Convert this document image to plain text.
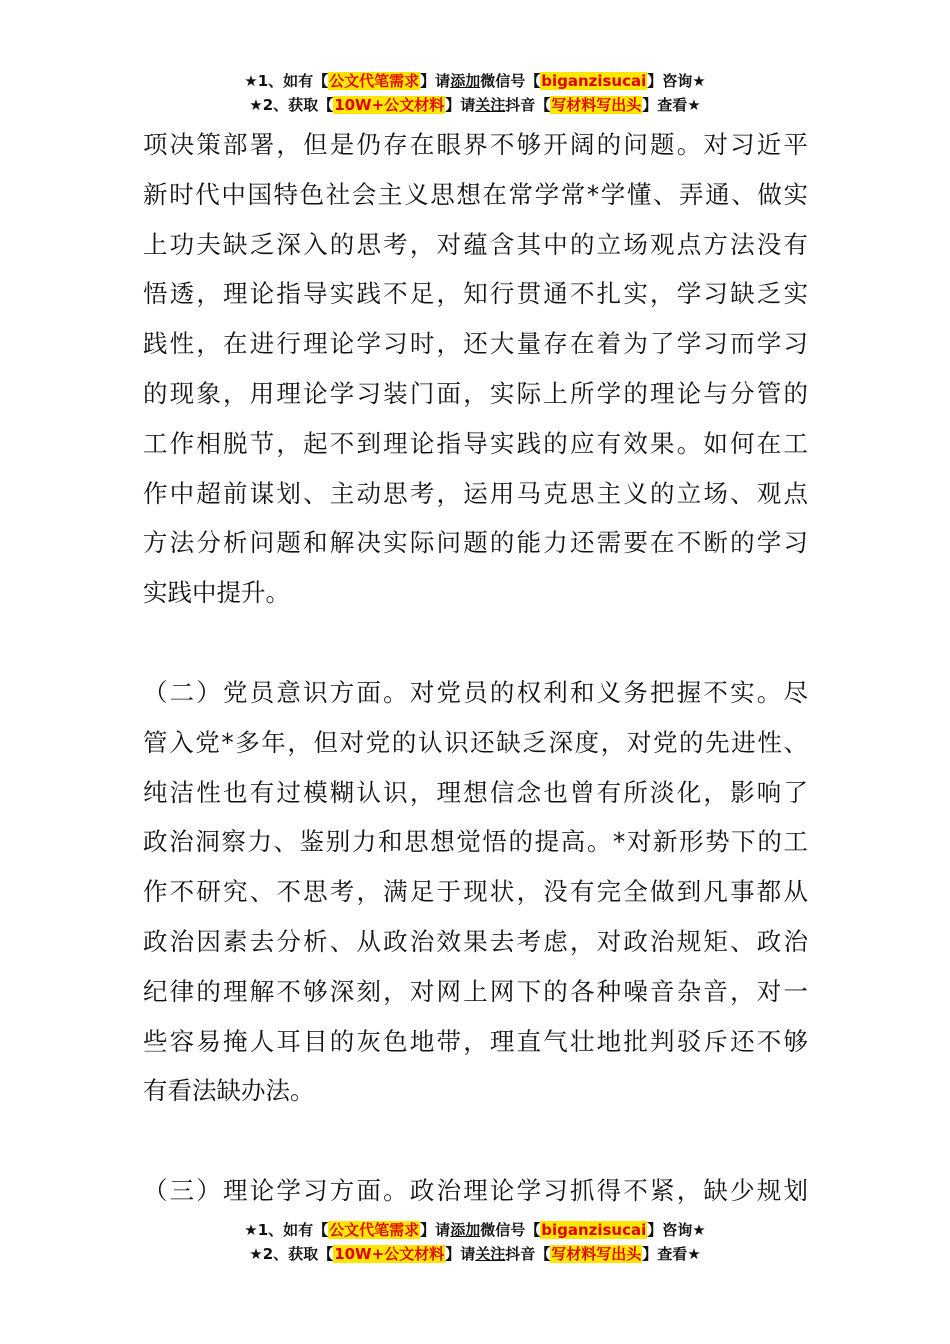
★1、如有【公文代笔需求】请添加微信号【biganzisucai】咨询★
★2、获取【10W+公文材料】请关注抖音【写材料写出头】查看★
项决策部署，但是仍存在眼界不够开阔的问题。对习近平
新时代中国特色社会主义思想在常学常*学懂、弄通、做实
上功夫缺乏深入的思考，对蕴含其中的立场观点方法没有
悟透，理论指导实践不足，知行贯通不扎实，学习缺乏实
践性，在进行理论学习时，还大量存在着为了学习而学习
的现象，用理论学习装门面，实际上所学的理论与分管的
工作相脱节，起不到理论指导实践的应有效果。如何在工
作中超前谋划、主动思考，运用马克思主义的立场、观点
方法分析问题和解决实际问题的能力还需要在不断的学习
实践中提升。
（二）党员意识方面。对党员的权利和义务把握不实。尽
管入党*多年，但对党的认识还缺乏深度，对党的先进性、
纯洁性也有过模糊认识，理想信念也曾有所淡化，影响了
政治洞察力、鉴别力和思想觉悟的提高。*对新形势下的工
作不研究、不思考，满足于现状，没有完全做到凡事都从
政治因素去分析、从政治效果去考虑，对政治规矩、政治
纪律的理解不够深刻，对网上网下的各种噪音杂音，对一
些容易掩人耳目的灰色地带，理直气壮地批判驳斥还不够
有看法缺办法。
（三）理论学习方面。政治理论学习抓得不紧，缺少规划
★1、如有【公文代笔需求】请添加微信号【biganzisucai】咨询★
★2、获取【10W+公文材料】请关注抖音【写材料写出头】查看★
